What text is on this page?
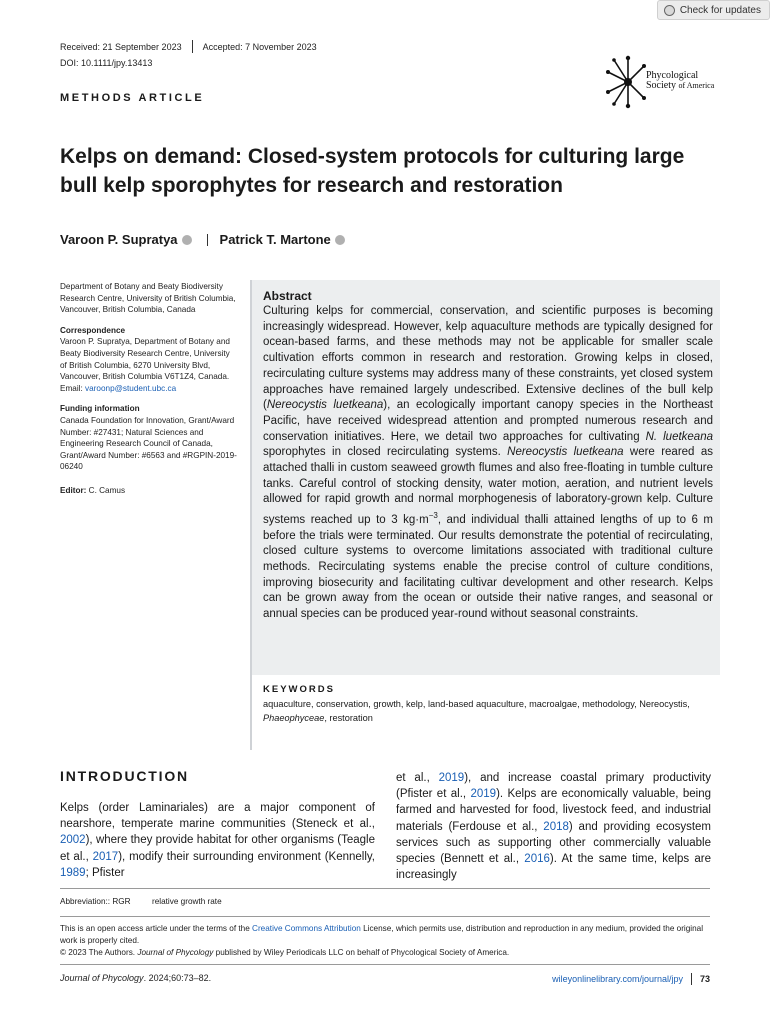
Check for updates
Received: 21 September 2023 Accepted: 7 November 2023
DOI: 10.1111/jpy.13413
METHODS ARTICLE
Phycological
Society of America
Kelps on demand: Closed-system protocols for culturing large bull kelp sporophytes for research and restoration
Varoon P. Supratya	Patrick T. Martone

Department of Botany and Beaty Biodiversity Research Centre, University of British Columbia, Vancouver, British Columbia, Canada

Correspondence

Varoon P. Supratya, Department of Botany and Beaty Biodiversity Research Centre, University of British Columbia, 6270 University Blvd, Vancouver, British Columbia V6T1Z4, Canada.
Email: varoonp@student.ubc.ca

Funding information

Canada Foundation for Innovation, Grant/Award Number: #27431; Natural Sciences and Engineering Research Council of Canada, Grant/Award Number: #6563 and #RGPIN-2019-06240

Editor: C. Camus

Abstract

Culturing kelps for commercial, conservation, and scientific purposes is becoming increasingly widespread. However, kelp aquaculture methods are typically designed for ocean-based farms, and these methods may not be applicable for smaller scale cultivation efforts common in research and restoration. Growing kelps in closed, recirculating culture systems may address many of these constraints, yet closed system approaches have remained largely undescribed. Extensive declines of the bull kelp (Nereocystis luetkeana), an ecologically important canopy species in the Northeast Pacific, have received widespread attention and prompted numerous research and conservation initiatives. Here, we detail two approaches for cultivating N. luetkeana sporophytes in closed recirculating systems. Nereocystis luetkeana were reared as attached thalli in custom seaweed growth flumes and also free-floating in tumble culture tanks. Careful control of stocking density, water motion, aeration, and nutrient levels allowed for rapid growth and normal morphogenesis of laboratory-grown kelp. Culture systems reached up to 3 $kg\cdot m^{-3}$, and individual thalli attained lengths of up to 6 m before the trials were terminated. Our results demonstrate the potential of recirculating, closed culture systems to overcome limitations associated with traditional culture methods. Recirculating systems enable the precise control of culture conditions, improving biosecurity and facilitating cultivar development and other research. Kelps can be grown away from the ocean or outside their native ranges, and seasonal or annual species can be produced year-round without seasonal constraints.

KEYWORDS
aquaculture, conservation, growth, kelp, land-based aquaculture, macroalgae, methodology, Nereocystis, Phaeophyceae, restoration
INTRODUCTION

Kelps (order Laminariales) are a major component of nearshore, temperate marine communities (Steneck et al., 2002), where they provide habitat for other organisms (Teagle et al., 2017), modify their surrounding environment (Kennelly, 1989; Pfister

et al., 2019), and increase coastal primary productivity (Pfister et al., 2019). Kelps are economically valuable, being farmed and harvested for food, livestock feed, and industrial materials (Ferdouse et al., 2018) and providing ecosystem services such as supporting other commercially valuable species (Bennett et al., 2016). At the same time, kelps are increasingly

Abbreviation:: RGR	relative growth rate

This is an open access article under the terms of the Creative Commons Attribution License, which permits use, distribution and reproduction in any medium, provided the original work is properly cited.

© 2023 The Authors. Journal of Phycology published by Wiley Periodicals LLC on behalf of Phycological Society of America.

Journal of Phycology. 2024;60:73–82.	wileyonlinelibrary.com/journal/jpy 73
